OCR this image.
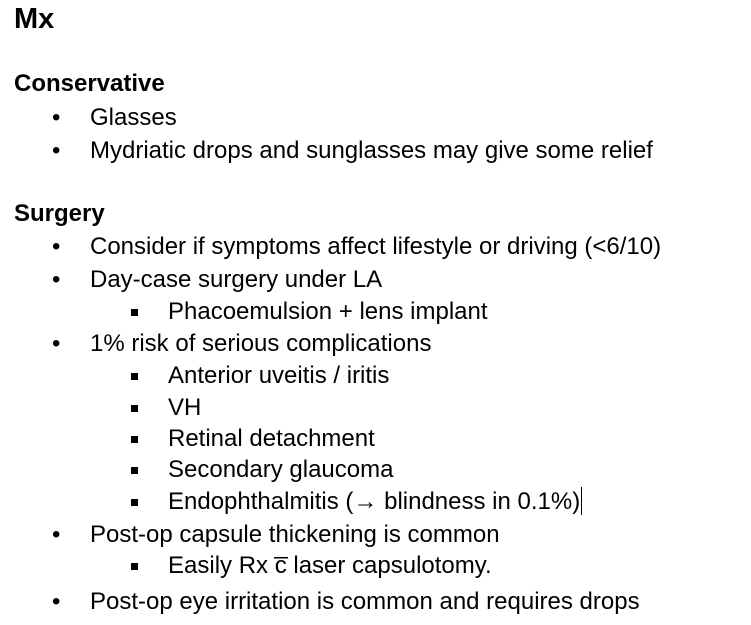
Mx
Conservative
• Glasses
• Mydriatic drops and sunglasses may give some relief
Surgery
• Consider if symptoms affect lifestyle or driving (<6/10)
• Day-case surgery under LA
Phacoemulsion + lens implant
• 1% risk of serious complications
Anterior uveitis / iritis
VH
Retinal detachment
Secondary glaucoma
Endophthalmitis (→ blindness in 0.1%)
• Post-op capsule thickening is common
Easily Rx c̅ laser capsulotomy.
• Post-op eye irritation is common and requires drops
